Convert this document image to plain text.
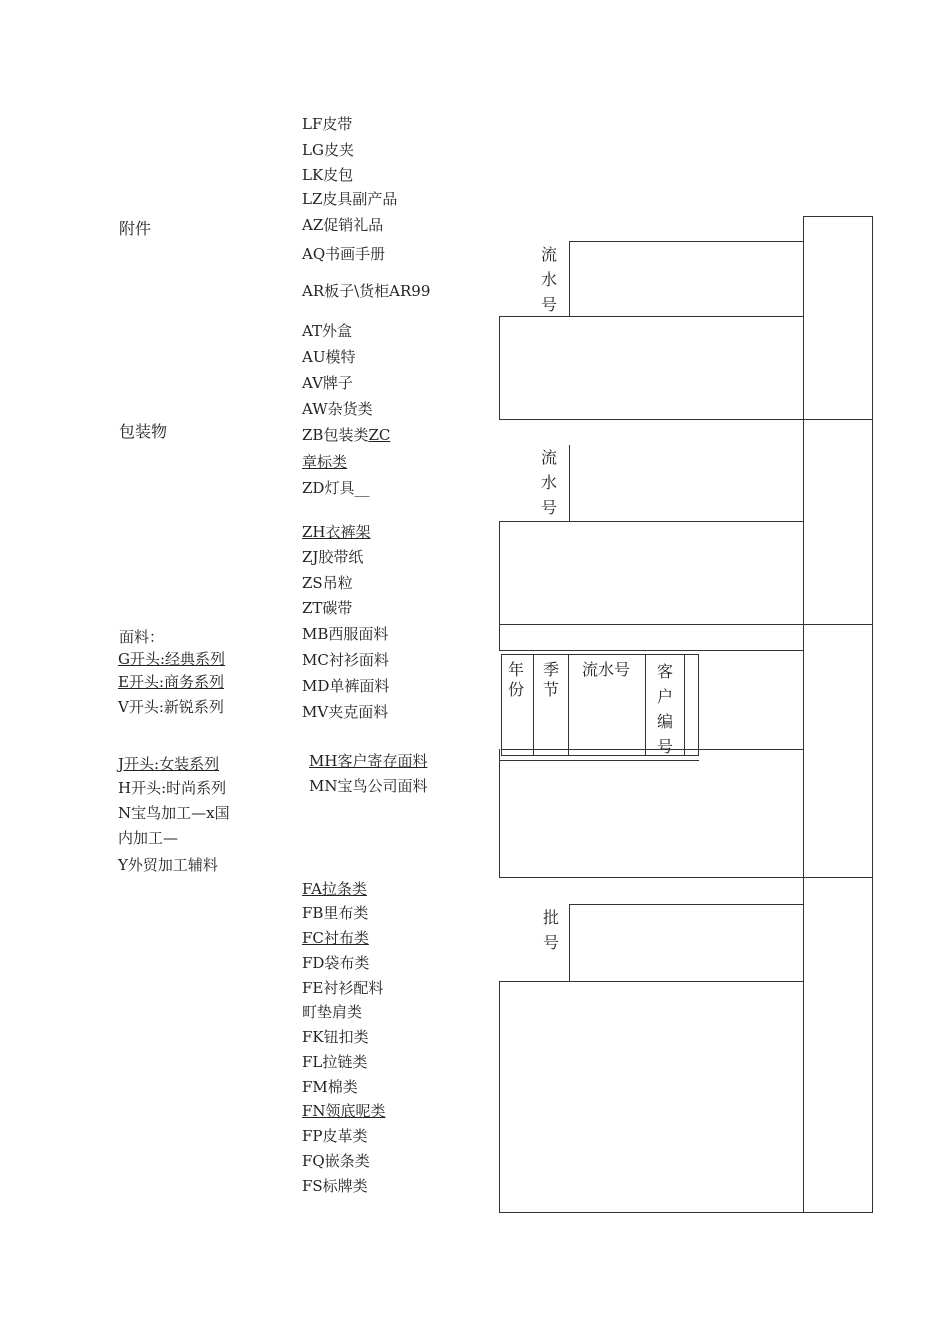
附件
包装物
面料：
G开头:经典系列
E开头:商务系列
V开头:新锐系列
J开头:女装系列
H开头:时尚系列
N宝鸟加工—x国
内加工—
Y外贸加工辅料
LF皮带
LG皮夹
LK皮包
LZ皮具副产品
AZ促销礼品
AQ书画手册
AR板子\货柜AR99
AT外盒
AU模特
AV牌子
AW杂货类
ZB包装类ZC
章标类
ZD灯具__
ZH衣裤架
ZJ胶带纸
ZS吊粒
ZT碳带
MB西服面料
MC衬衫面料
MD单裤面料
MV夹克面料
MH客户寄存面料
MN宝鸟公司面料
FA拉条类
FB里布类
FC衬布类
FD袋布类
FE衬衫配料
町垫肩类
FK钮扣类
FL拉链类
FM棉类
FN领底呢类
FP皮革类
FQ嵌条类
FS标牌类
流
水
号
流
水
号
年
份
季
节
流水号 客
户
编
号
批
号
